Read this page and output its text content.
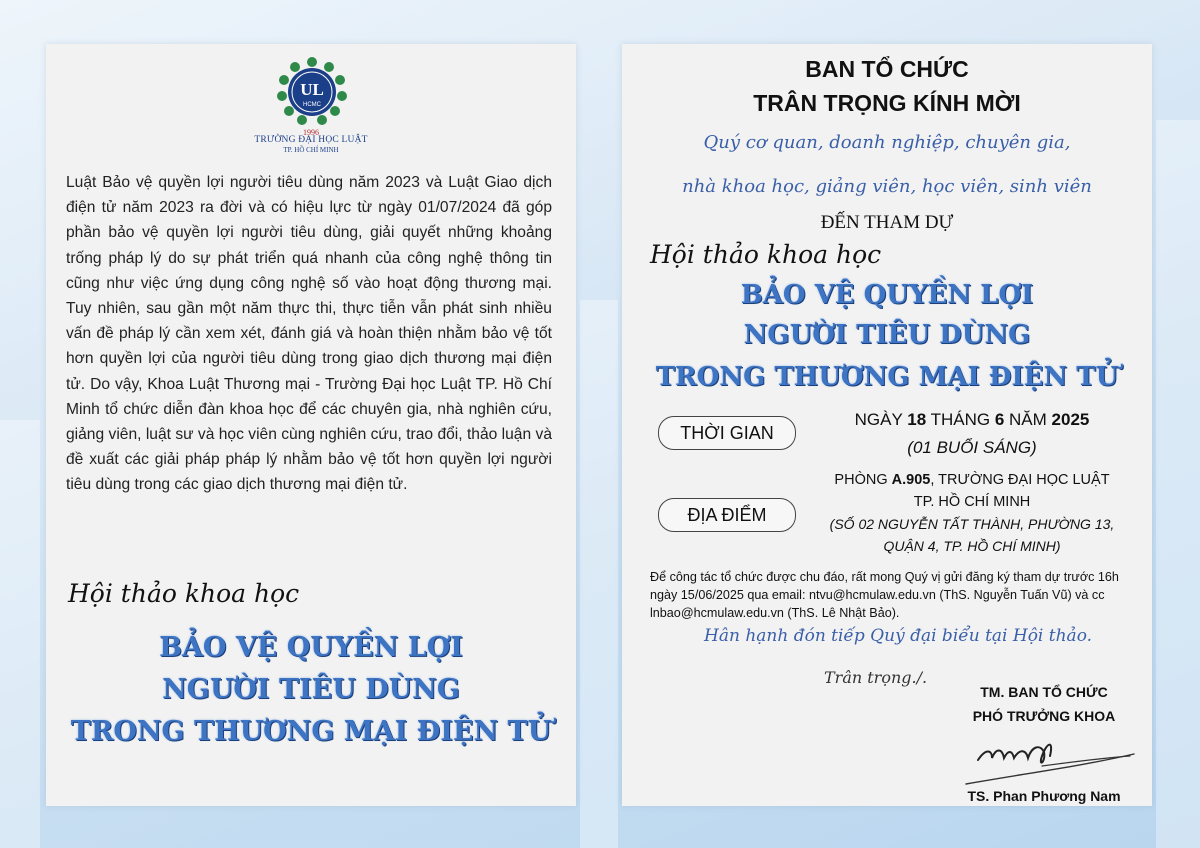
UL
HCMC
1996
TRƯỜNG ĐẠI HỌC LUẬT
TP. HỒ CHÍ MINH
Luật Bảo vệ quyền lợi người tiêu dùng năm 2023 và Luật Giao dịch điện tử năm 2023 ra đời và có hiệu lực từ ngày 01/07/2024 đã góp phần bảo vệ quyền lợi người tiêu dùng, giải quyết những khoảng trống pháp lý do sự phát triển quá nhanh của công nghệ thông tin cũng như việc ứng dụng công nghệ số vào hoạt động thương mại. Tuy nhiên, sau gần một năm thực thi, thực tiễn vẫn phát sinh nhiều vấn đề pháp lý cần xem xét, đánh giá và hoàn thiện nhằm bảo vệ tốt hơn quyền lợi của người tiêu dùng trong giao dịch thương mại điện tử. Do vậy, Khoa Luật Thương mại - Trường Đại học Luật TP. Hồ Chí Minh tổ chức diễn đàn khoa học để các chuyên gia, nhà nghiên cứu, giảng viên, luật sư và học viên cùng nghiên cứu, trao đổi, thảo luận và đề xuất các giải pháp pháp lý nhằm bảo vệ tốt hơn quyền lợi người tiêu dùng trong các giao dịch thương mại điện tử.
Hội thảo khoa học
BẢO VỆ QUYỀN LỢI
NGƯỜI TIÊU DÙNG
TRONG THƯƠNG MẠI ĐIỆN TỬ
BAN TỔ CHỨC
TRÂN TRỌNG KÍNH MỜI
Quý cơ quan, doanh nghiệp, chuyên gia,
nhà khoa học, giảng viên, học viên, sinh viên
ĐẾN THAM DỰ
Hội thảo khoa học
BẢO VỆ QUYỀN LỢI
NGƯỜI TIÊU DÙNG
TRONG THƯƠNG MẠI ĐIỆN TỬ
THỜI GIAN
NGÀY 18 THÁNG 6 NĂM 2025
(01 BUỔI SÁNG)
ĐỊA ĐIỂM
PHÒNG A.905, TRƯỜNG ĐẠI HỌC LUẬT
TP. HỒ CHÍ MINH
(SỐ 02 NGUYỄN TẤT THÀNH, PHƯỜNG 13,
QUẬN 4, TP. HỒ CHÍ MINH)
Để công tác tổ chức được chu đáo, rất mong Quý vị gửi đăng ký tham dự trước 16h ngày 15/06/2025 qua email: ntvu@hcmulaw.edu.vn (ThS. Nguyễn Tuấn Vũ) và cc lnbao@hcmulaw.edu.vn (ThS. Lê Nhật Bảo).
Hân hạnh đón tiếp Quý đại biểu tại Hội thảo.
Trân trọng./.
TM. BAN TỔ CHỨC
PHÓ TRƯỞNG KHOA
TS. Phan Phương Nam
